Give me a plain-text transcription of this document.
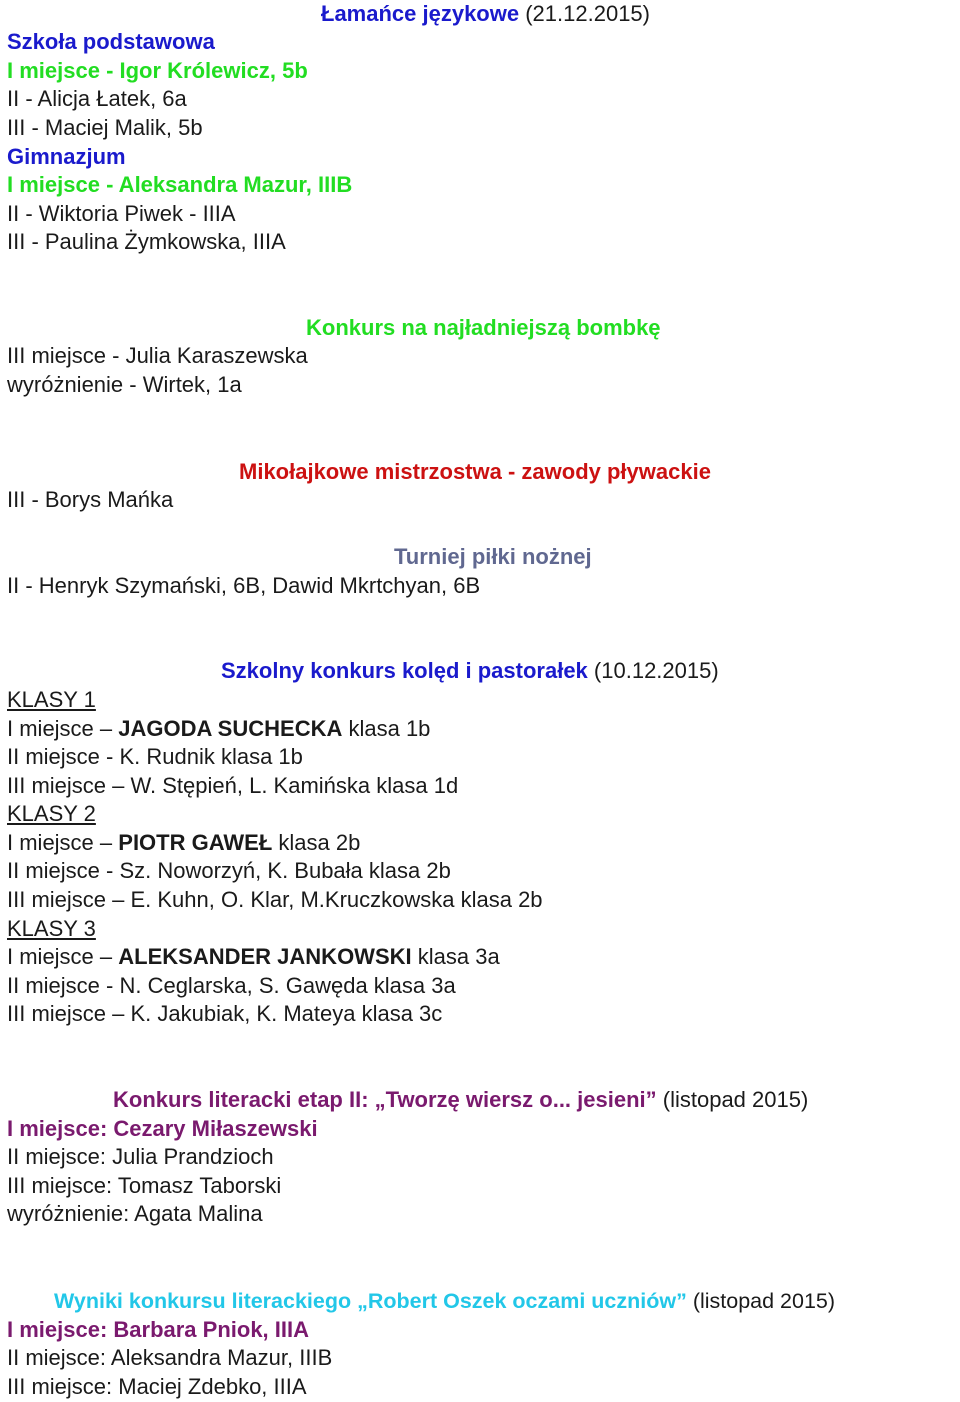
Łamańce językowe (21.12.2015)
Szkoła podstawowa
I miejsce - Igor Królewicz, 5b
II - Alicja Łatek, 6a
III - Maciej Malik, 5b
Gimnazjum
I miejsce - Aleksandra Mazur, IIIB
II - Wiktoria Piwek - IIIA
III - Paulina Żymkowska, IIIA
Konkurs na najładniejszą bombkę
III miejsce - Julia Karaszewska
wyróżnienie - Wirtek, 1a
Mikołajkowe mistrzostwa - zawody pływackie
III - Borys Mańka
Turniej piłki nożnej
II - Henryk Szymański, 6B, Dawid Mkrtchyan, 6B
Szkolny konkurs kolęd i pastorałek (10.12.2015)
KLASY 1
I miejsce – JAGODA SUCHECKA klasa 1b
II miejsce - K. Rudnik klasa 1b
III miejsce – W. Stępień, L. Kamińska klasa 1d
KLASY 2
I miejsce – PIOTR GAWEŁ klasa 2b
II miejsce - Sz. Noworzyń, K. Bubała klasa 2b
III miejsce – E. Kuhn, O. Klar, M.Kruczkowska klasa 2b
KLASY 3
I miejsce – ALEKSANDER JANKOWSKI klasa 3a
II miejsce - N. Ceglarska, S. Gawęda klasa 3a
III miejsce – K. Jakubiak, K. Mateya klasa 3c
Konkurs literacki etap II: „Tworzę wiersz o... jesieni” (listopad 2015)
I miejsce: Cezary Miłaszewski
II miejsce: Julia Prandzioch
III miejsce: Tomasz Taborski
wyróżnienie: Agata Malina
Wyniki konkursu literackiego „Robert Oszek oczami uczniów” (listopad 2015)
I miejsce: Barbara Pniok, IIIA
II miejsce: Aleksandra Mazur, IIIB
III miejsce: Maciej Zdebko, IIIA
